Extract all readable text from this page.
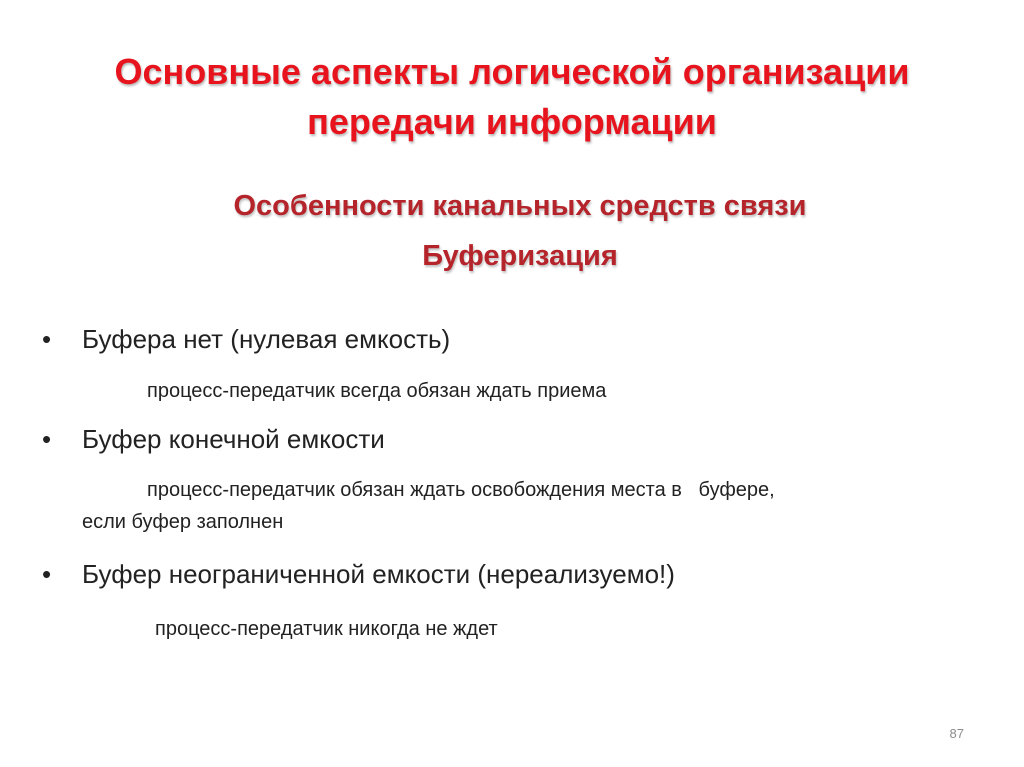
Основные аспекты логической организации
передачи информации
Особенности канальных средств связи
Буферизация
• Буфера нет (нулевая емкость)
процесс-передатчик всегда обязан ждать приема
• Буфер конечной емкости
процесс-передатчик обязан ждать освобождения места в   буфере,
если буфер заполнен
• Буфер неограниченной емкости (нереализуемо!)
процесс-передатчик никогда не ждет
87
